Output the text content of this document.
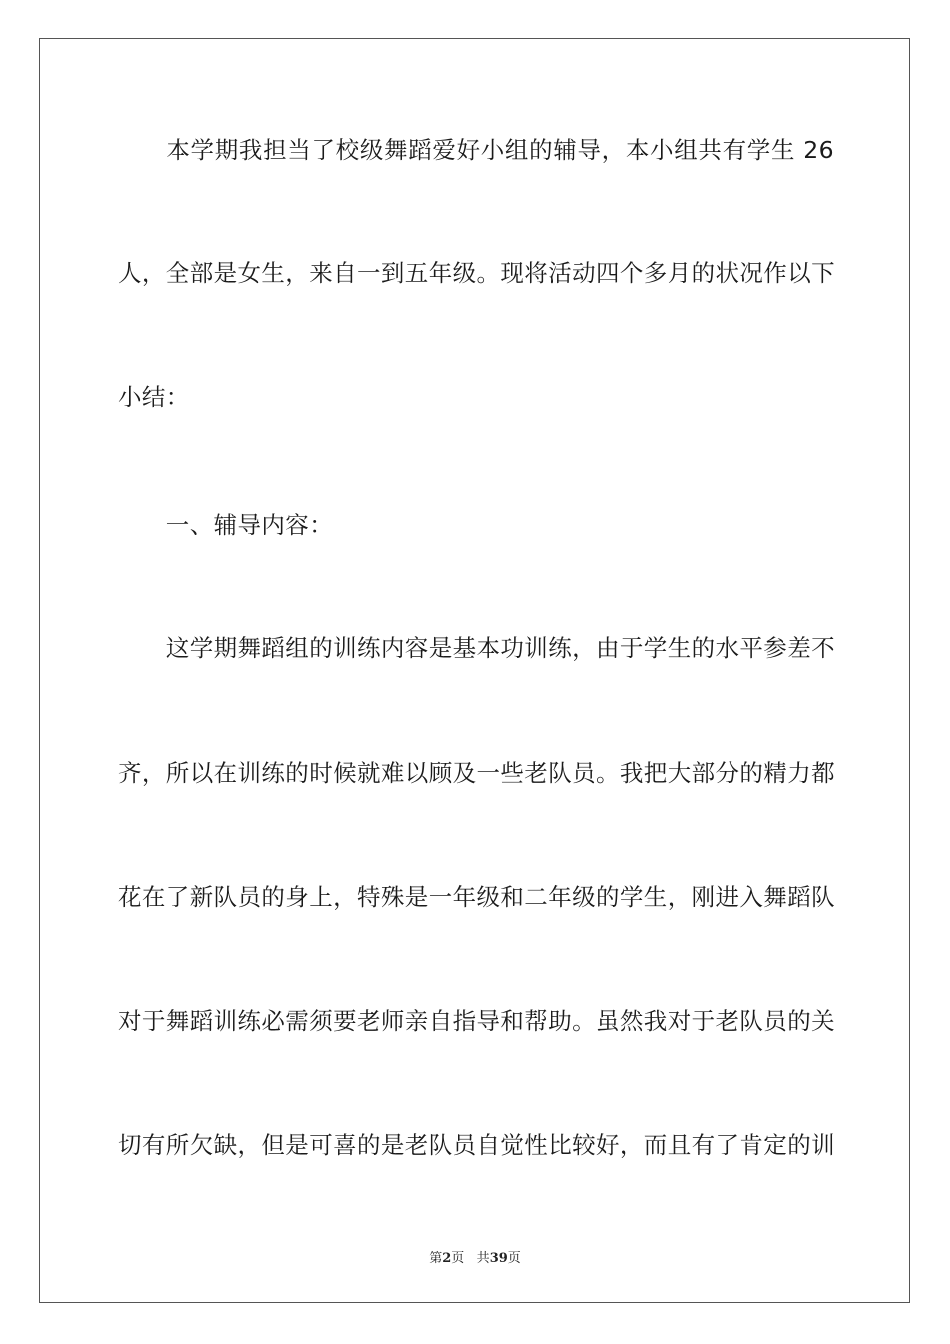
　　本学期我担当了校级舞蹈爱好小组的辅导，本小组共有学生 26
人，全部是女生，来自一到五年级。现将活动四个多月的状况作以下
小结：
　　一、辅导内容：
　　这学期舞蹈组的训练内容是基本功训练，由于学生的水平参差不
齐，所以在训练的时候就难以顾及一些老队员。我把大部分的精力都
花在了新队员的身上，特殊是一年级和二年级的学生，刚进入舞蹈队
对于舞蹈训练必需须要老师亲自指导和帮助。虽然我对于老队员的关
切有所欠缺，但是可喜的是老队员自觉性比较好，而且有了肯定的训
第2页 共39页
